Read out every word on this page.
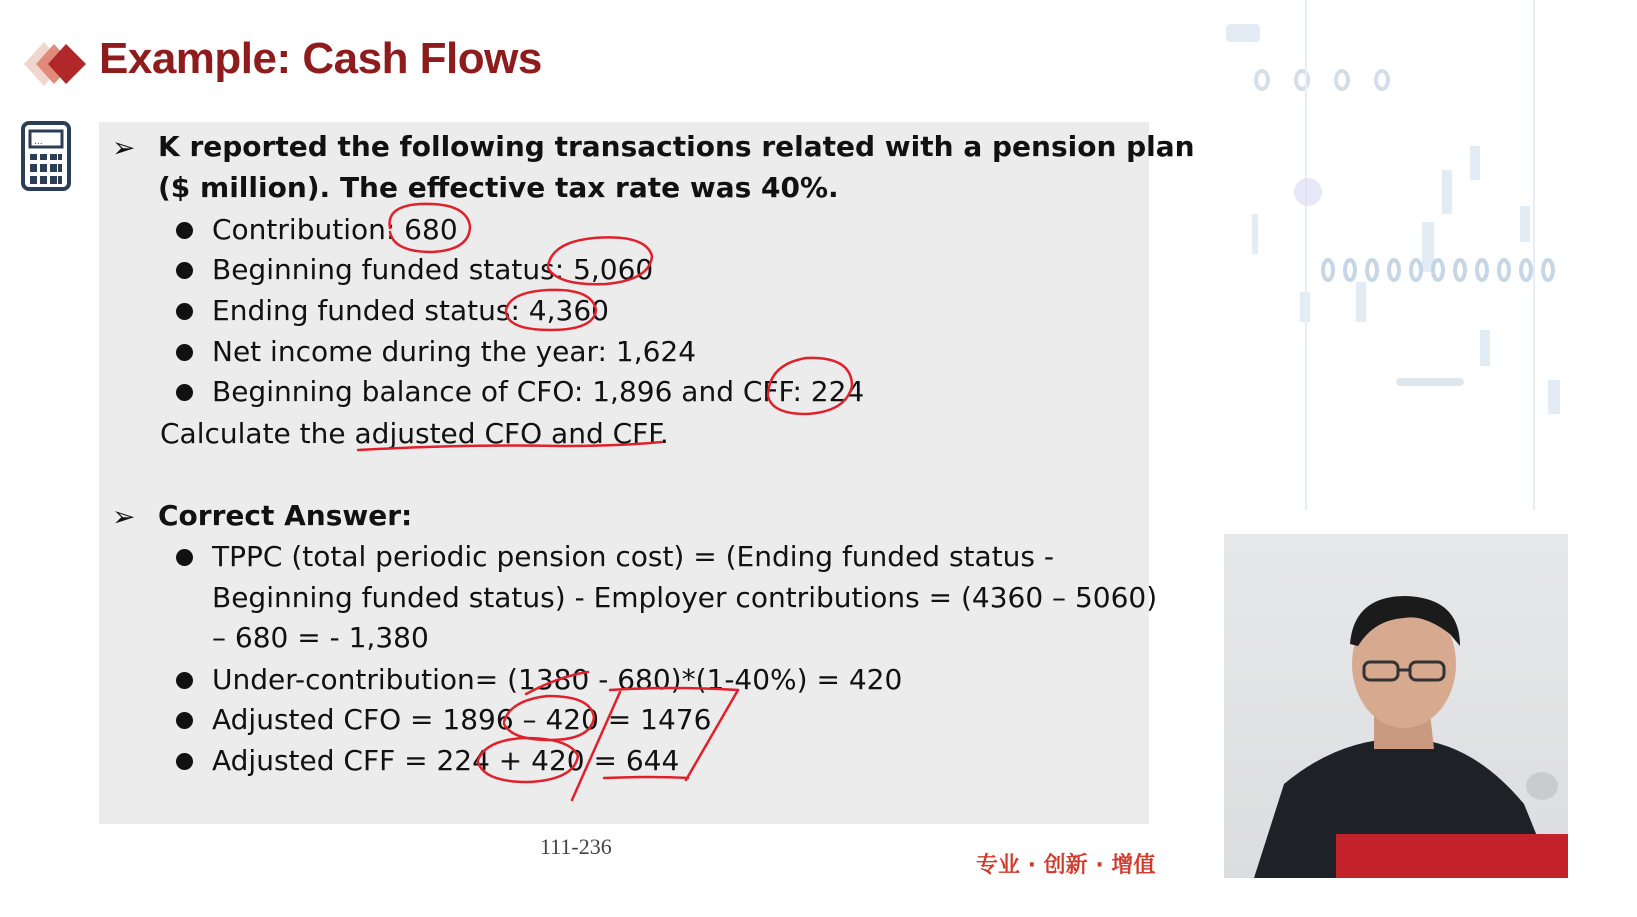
Example: Cash Flows
... ➢ K reported the following transactions related with a pension plan
($ million). The effective tax rate was 40%.
Contribution: 680
Beginning funded status: 5,060
Ending funded status: 4,360
Net income during the year: 1,624
Beginning balance of CFO: 1,896 and CFF: 224
Calculate the adjusted CFO and CFF.
➢ Correct Answer:
TPPC (total periodic pension cost) = (Ending funded status -
Beginning funded status) - Employer contributions = (4360 – 5060)
– 680 = - 1,380
Under-contribution= (1380 - 680)*(1-40%) = 420
Adjusted CFO = 1896 – 420 = 1476
Adjusted CFF = 224 + 420 = 644
111-236
专业 · 创新 · 增值
